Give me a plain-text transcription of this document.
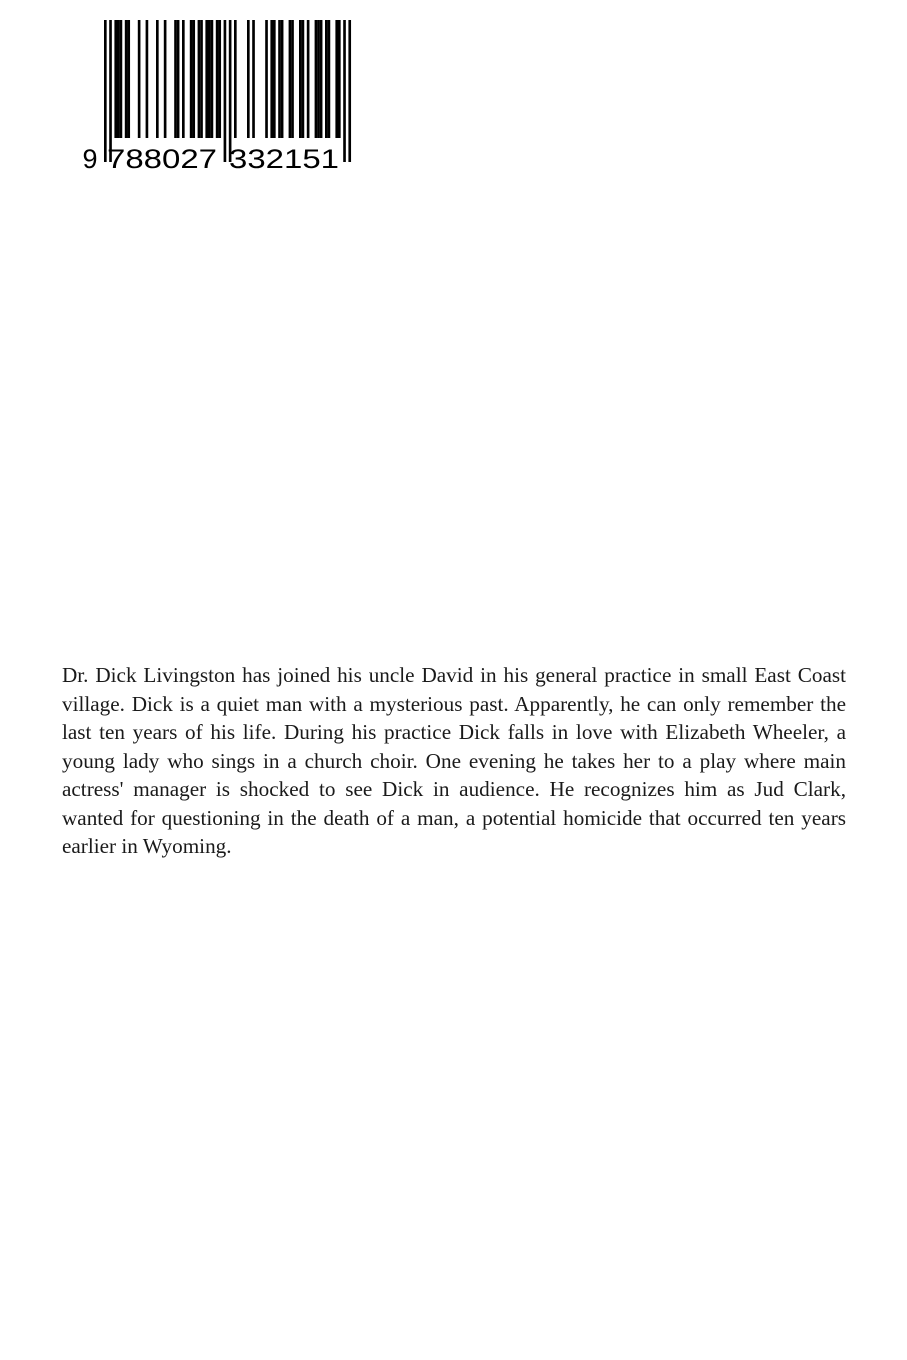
9 788027 332151

Dr. Dick Livingston has joined his uncle David in his general practice in small East Coast village. Dick is a quiet man with a mysterious past. Apparently, he can only remember the last ten years of his life. During his practice Dick falls in love with Elizabeth Wheeler, a young lady who sings in a church choir. One evening he takes her to a play where main actress' manager is shocked to see Dick in audience. He recognizes him as Jud Clark, wanted for questioning in the death of a man, a potential homicide that occurred ten years earlier in Wyoming.
